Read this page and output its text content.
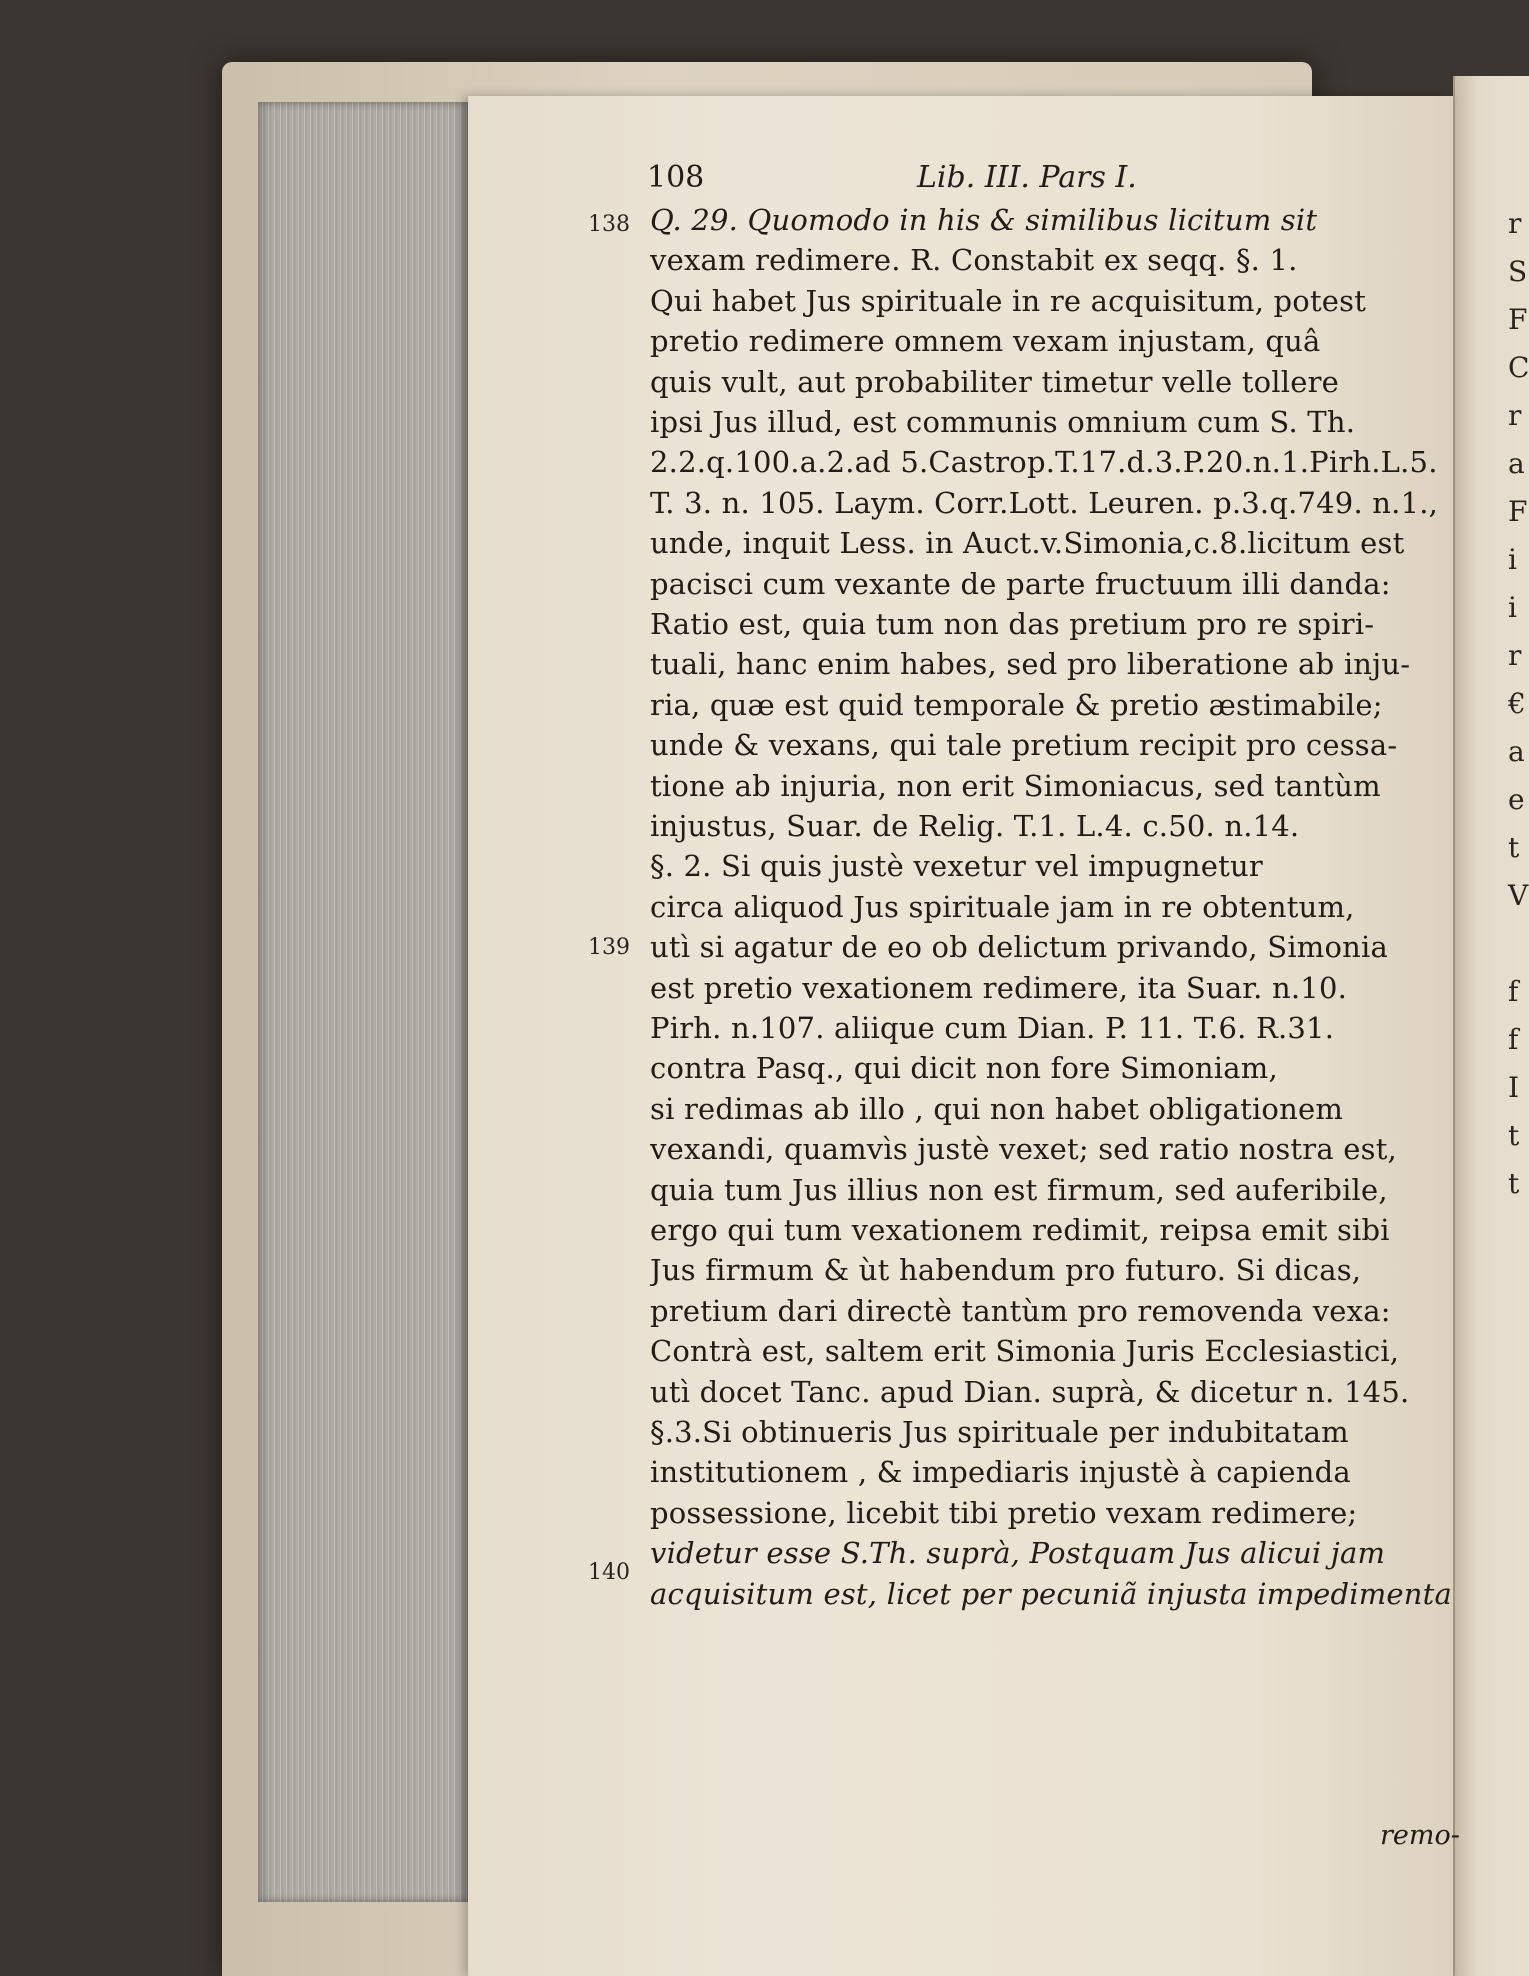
r
S
F
C
r
a
F
i
i
r
€
a
e
t
V
f
f
I
t
t
108	Lib. III. Pars I.
138
139
140
Q. 29. Quomodo in his & similibus licitum sit
vexam redimere. R. Constabit ex seqq. §. 1.
Qui habet Jus spirituale in re acquisitum, potest
pretio redimere omnem vexam injustam, quâ
quis vult, aut probabiliter timetur velle tollere
ipsi Jus illud, est communis omnium cum S. Th.
2.2.q.100.a.2.ad 5.Castrop.T.17.d.3.P.20.n.1.Pirh.L.5.
T. 3. n. 105. Laym. Corr.Lott. Leuren. p.3.q.749. n.1.,
unde, inquit Less. in Auct.v.Simonia,c.8.licitum est
pacisci cum vexante de parte fructuum illi danda:
Ratio est, quia tum non das pretium pro re spiri-
tuali, hanc enim habes, sed pro liberatione ab inju-
ria, quæ est quid temporale & pretio æstimabile;
unde & vexans, qui tale pretium recipit pro cessa-
tione ab injuria, non erit Simoniacus, sed tantùm
injustus, Suar. de Relig. T.1. L.4. c.50. n.14.
§. 2. Si quis justè vexetur vel impugnetur
circa aliquod Jus spirituale jam in re obtentum,
utì si agatur de eo ob delictum privando, Simonia
est pretio vexationem redimere, ita Suar. n.10.
Pirh. n.107. aliique cum Dian. P. 11. T.6. R.31.
contra Pasq., qui dicit non fore Simoniam,
si redimas ab illo , qui non habet obligationem
vexandi, quamvìs justè vexet; sed ratio nostra est,
quia tum Jus illius non est firmum, sed auferibile,
ergo qui tum vexationem redimit, reipsa emit sibi
Jus firmum & ùt habendum pro futuro. Si dicas,
pretium dari directè tantùm pro removenda vexa:
Contrà est, saltem erit Simonia Juris Ecclesiastici,
utì docet Tanc. apud Dian. suprà, & dicetur n. 145.
§.3.Si obtinueris Jus spirituale per indubitatam
institutionem , & impediaris injustè à capienda
possessione, licebit tibi pretio vexam redimere;
videtur esse S.Th. suprà, Postquam Jus alicui jam
acquisitum est, licet per pecuniã injusta impedimenta
remo-
